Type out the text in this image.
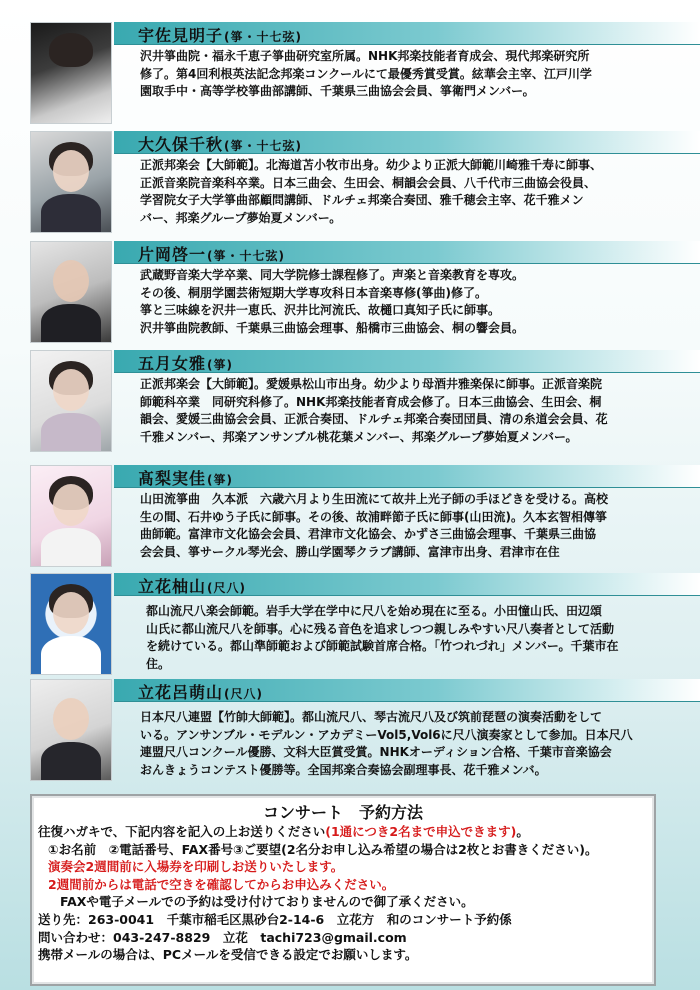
宇佐見明子(箏・十七弦)
沢井箏曲院・福永千恵子箏曲研究室所属。NHK邦楽技能者育成会、現代邦楽研究所
修了。第4回利根英法記念邦楽コンクールにて最優秀賞受賞。絃華会主宰、江戸川学
園取手中・高等学校箏曲部講師、千葉県三曲協会会員、箏衛門メンバー。
大久保千秋(箏・十七弦)
正派邦楽会【大師範】。北海道苫小牧市出身。幼少より正派大師範川崎雅千寿に師事、
正派音楽院音楽科卒業。日本三曲会、生田会、桐韻会会員、八千代市三曲協会役員、
学習院女子大学箏曲部顧問講師、ドルチェ邦楽合奏団、雅千穂会主宰、花千雅メン
バー、邦楽グループ夢始夏メンバー。
片岡啓一(箏・十七弦)
武蔵野音楽大学卒業、同大学院修士課程修了。声楽と音楽教育を専攻。
その後、桐朋学園芸術短期大学専攻科日本音楽専修(箏曲)修了。
箏と三味線を沢井一恵氏、沢井比河流氏、故樋口真知子氏に師事。
沢井箏曲院教師、千葉県三曲協会理事、船橋市三曲協会、桐の響会員。
五月女雅(箏)
正派邦楽会【大師範】。愛媛県松山市出身。幼少より母酒井雅楽保に師事。正派音楽院
師範科卒業　同研究科修了。NHK邦楽技能者育成会修了。日本三曲協会、生田会、桐
韻会、愛媛三曲協会会員、正派合奏団、ドルチェ邦楽合奏団団員、清の糸道会会員、花
千雅メンバー、邦楽アンサンブル桃花葉メンバー、邦楽グループ夢始夏メンバー。
髙梨実佳(箏)
山田流箏曲　久本派　六歳六月より生田流にて故井上光子師の手ほどきを受ける。高校
生の間、石井ゆう子氏に師事。その後、故浦畔節子氏に師事(山田流)。久本玄智相傳箏
曲師範。富津市文化協会会員、君津市文化協会、かずさ三曲協会理事、千葉県三曲協
会会員、箏サークル琴光会、勝山学園琴クラブ講師、富津市出身、君津市在住
立花柚山(尺八)
都山流尺八楽会師範。岩手大学在学中に尺八を始め現在に至る。小田憧山氏、田辺頌
山氏に都山流尺八を師事。心に残る音色を追求しつつ親しみやすい尺八奏者として活動
を続けている。都山準師範および師範試験首席合格。「竹つれづれ」メンバー。千葉市在
住。
立花呂萌山(尺八)
日本尺八連盟【竹帥大師範】。都山流尺八、琴古流尺八及び筑前琵琶の演奏活動をして
いる。アンサンブル・モデルン・アカデミーVol5,Vol6に尺八演奏家として参加。日本尺八
連盟尺八コンクール優勝、文科大臣賞受賞。NHKオーディション合格、千葉市音楽協会
おんきょうコンテスト優勝等。全国邦楽合奏協会副理事長、花千雅メンバ。
コンサート　予約方法
往復ハガキで、下記内容を記入の上お送りください(1通につき2名まで申込できます)。
①お名前　②電話番号、FAX番号③ご要望(2名分お申し込み希望の場合は2枚とお書きください)。
演奏会2週間前に入場券を印刷しお送りいたします。
2週間前からは電話で空きを確認してからお申込みください。
FAXや電子メールでの予約は受け付けておりませんので御了承ください。
送り先：263-0041　千葉市稲毛区黒砂台2-14-6　立花方　和のコンサート予約係
問い合わせ：043-247-8829　立花　tachi723@gmail.com
携帯メールの場合は、PCメールを受信できる設定でお願いします。
